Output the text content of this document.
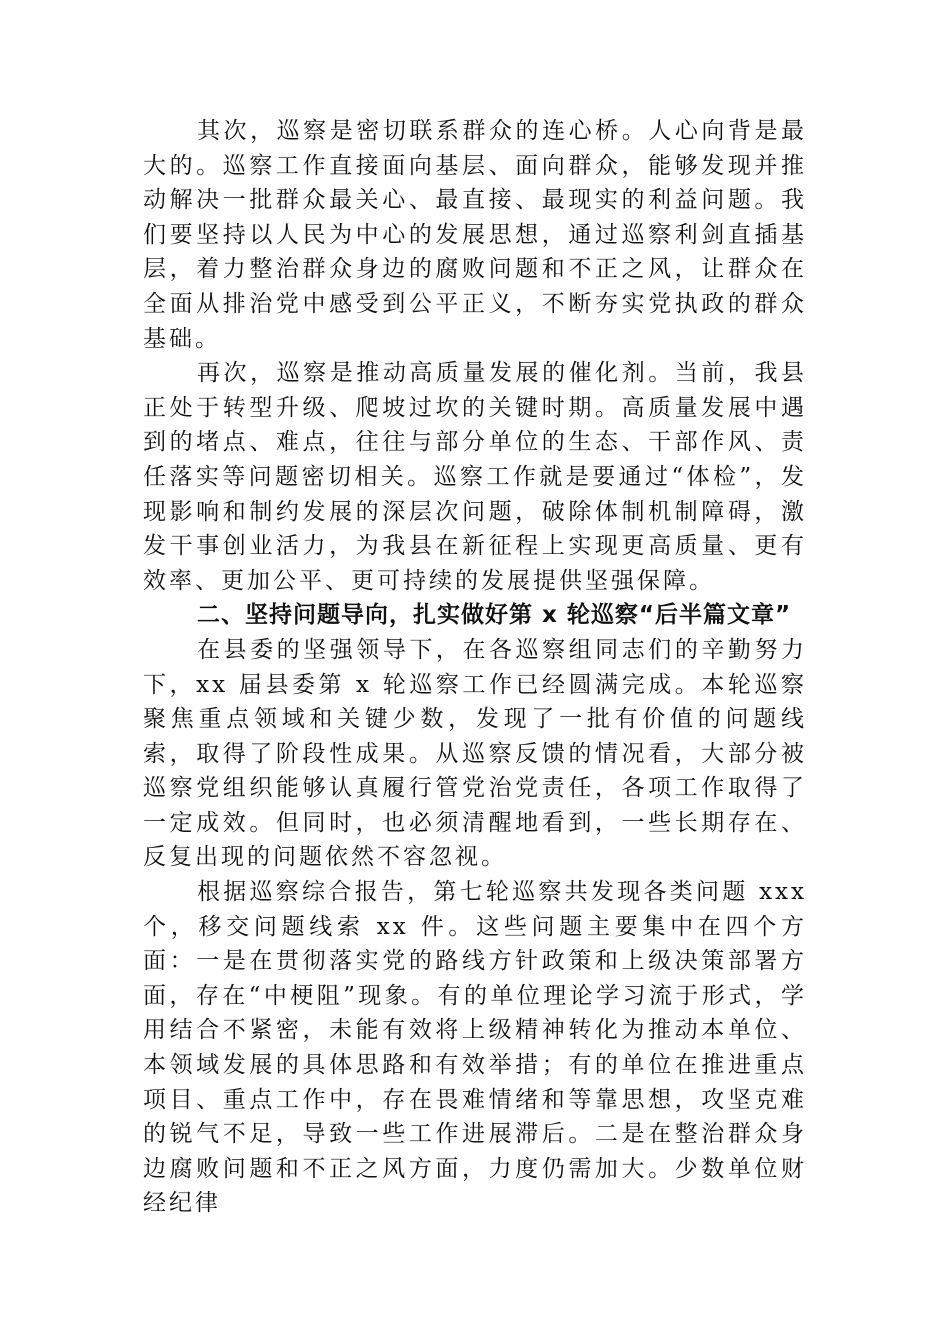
其次，巡察是密切联系群众的连心桥。人心向背是最大的。巡察工作直接面向基层、面向群众，能够发现并推动解决一批群众最关心、最直接、最现实的利益问题。我们要坚持以人民为中心的发展思想，通过巡察利剑直插基层，着力整治群众身边的腐败问题和不正之风，让群众在全面从排治党中感受到公平正义，不断夯实党执政的群众基础。

再次，巡察是推动高质量发展的催化剂。当前，我县正处于转型升级、爬坡过坎的关键时期。高质量发展中遇到的堵点、难点，往往与部分单位的生态、干部作风、责任落实等问题密切相关。巡察工作就是要通过“体检”，发现影响和制约发展的深层次问题，破除体制机制障碍，激发干事创业活力，为我县在新征程上实现更高质量、更有效率、更加公平、更可持续的发展提供坚强保障。

二、坚持问题导向，扎实做好第 x 轮巡察“后半篇文章”

在县委的坚强领导下，在各巡察组同志们的辛勤努力下，xx 届县委第 x 轮巡察工作已经圆满完成。本轮巡察聚焦重点领域和关键少数，发现了一批有价值的问题线索，取得了阶段性成果。从巡察反馈的情况看，大部分被巡察党组织能够认真履行管党治党责任，各项工作取得了一定成效。但同时，也必须清醒地看到，一些长期存在、反复出现的问题依然不容忽视。

根据巡察综合报告，第七轮巡察共发现各类问题 xxx 个，移交问题线索 xx 件。这些问题主要集中在四个方面：一是在贯彻落实党的路线方针政策和上级决策部署方面，存在“中梗阻”现象。有的单位理论学习流于形式，学用结合不紧密，未能有效将上级精神转化为推动本单位、本领域发展的具体思路和有效举措；有的单位在推进重点项目、重点工作中，存在畏难情绪和等靠思想，攻坚克难的锐气不足，导致一些工作进展滞后。二是在整治群众身边腐败问题和不正之风方面，力度仍需加大。少数单位财经纪律
